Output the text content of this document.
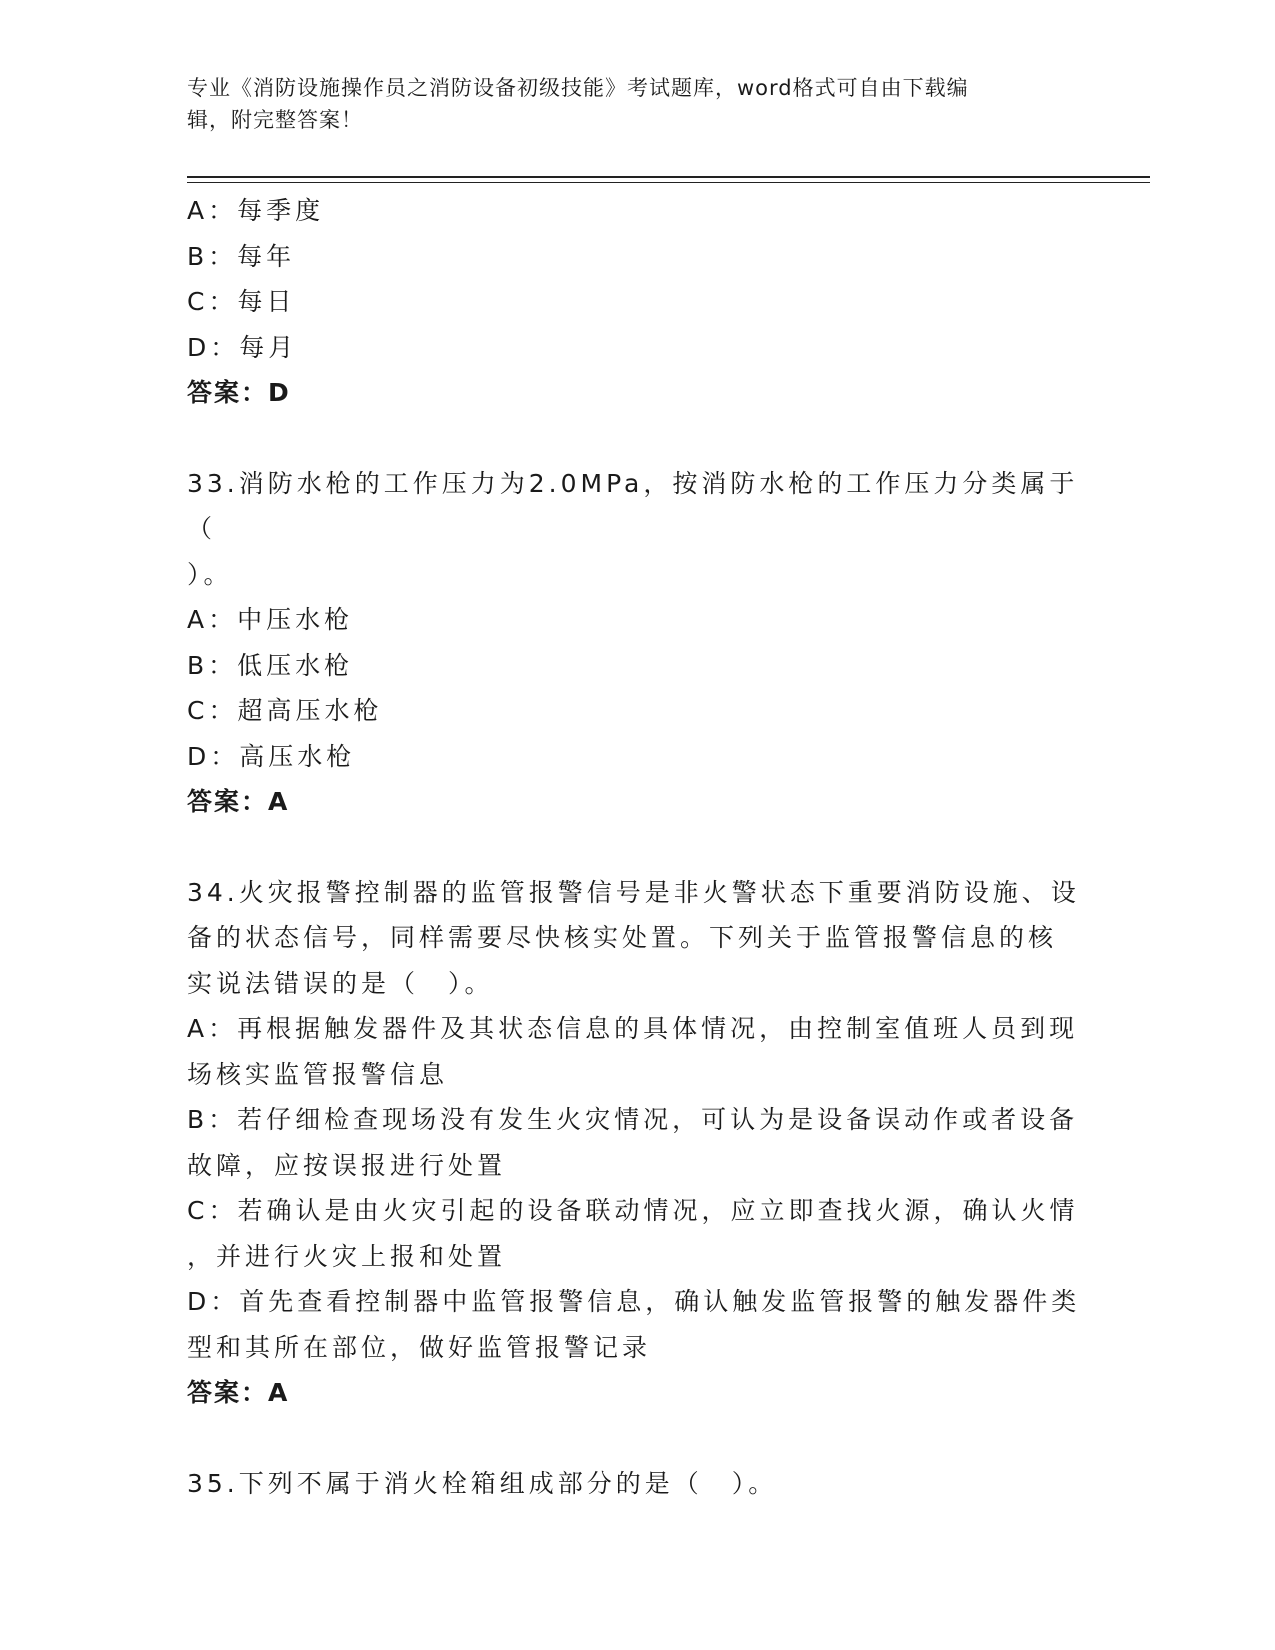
专业《消防设施操作员之消防设备初级技能》考试题库，word格式可自由下载编
辑，附完整答案！

A：每季度

B：每年

C：每日

D：每月

答案：D

33.消防水枪的工作压力为2.0MPa，按消防水枪的工作压力分类属于（

）。

A：中压水枪

B：低压水枪

C：超高压水枪

D：高压水枪

答案：A

34.火灾报警控制器的监管报警信号是非火警状态下重要消防设施、设

备的状态信号，同样需要尽快核实处置。下列关于监管报警信息的核

实说法错误的是（　）。

A：再根据触发器件及其状态信息的具体情况，由控制室值班人员到现

场核实监管报警信息

B：若仔细检查现场没有发生火灾情况，可认为是设备误动作或者设备

故障，应按误报进行处置

C：若确认是由火灾引起的设备联动情况，应立即查找火源，确认火情

，并进行火灾上报和处置

D：首先查看控制器中监管报警信息，确认触发监管报警的触发器件类

型和其所在部位，做好监管报警记录

答案：A

35.下列不属于消火栓箱组成部分的是（　）。
